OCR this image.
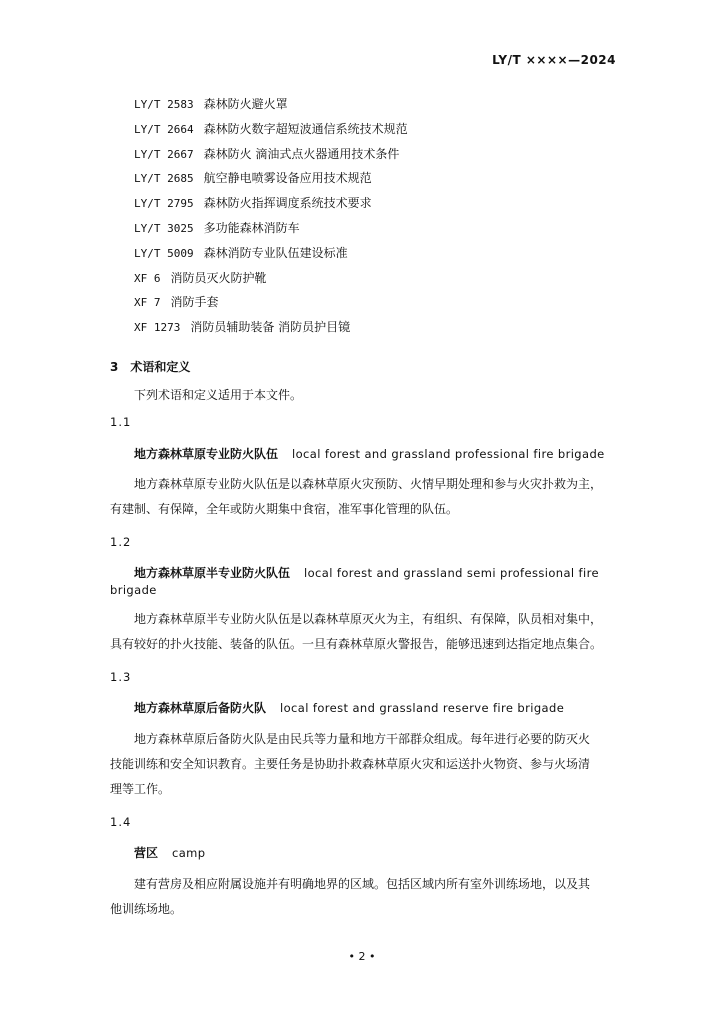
LY/T ××××—2024
LY/T 2583 森林防火避火罩
LY/T 2664 森林防火数字超短波通信系统技术规范
LY/T 2667 森林防火 滴油式点火器通用技术条件
LY/T 2685 航空静电喷雾设备应用技术规范
LY/T 2795 森林防火指挥调度系统技术要求
LY/T 3025 多功能森林消防车
LY/T 5009 森林消防专业队伍建设标准
XF 6 消防员灭火防护靴
XF 7 消防手套
XF 1273 消防员辅助装备 消防员护目镜
3 术语和定义
下列术语和定义适用于本文件。
1.1
地方森林草原专业防火队伍 local forest and grassland professional fire brigade
地方森林草原专业防火队伍是以森林草原火灾预防、火情早期处理和参与火灾扑救为主，
有建制、有保障，全年或防火期集中食宿，准军事化管理的队伍。
1.2
地方森林草原半专业防火队伍 local forest and grassland semi professional fire
brigade
地方森林草原半专业防火队伍是以森林草原灭火为主，有组织、有保障，队员相对集中，
具有较好的扑火技能、装备的队伍。一旦有森林草原火警报告，能够迅速到达指定地点集合。
1.3
地方森林草原后备防火队 local forest and grassland reserve fire brigade
地方森林草原后备防火队是由民兵等力量和地方干部群众组成。每年进行必要的防灭火
技能训练和安全知识教育。主要任务是协助扑救森林草原火灾和运送扑火物资、参与火场清
理等工作。
1.4
营区 camp
建有营房及相应附属设施并有明确地界的区域。包括区域内所有室外训练场地，以及其
他训练场地。
• 2 •
